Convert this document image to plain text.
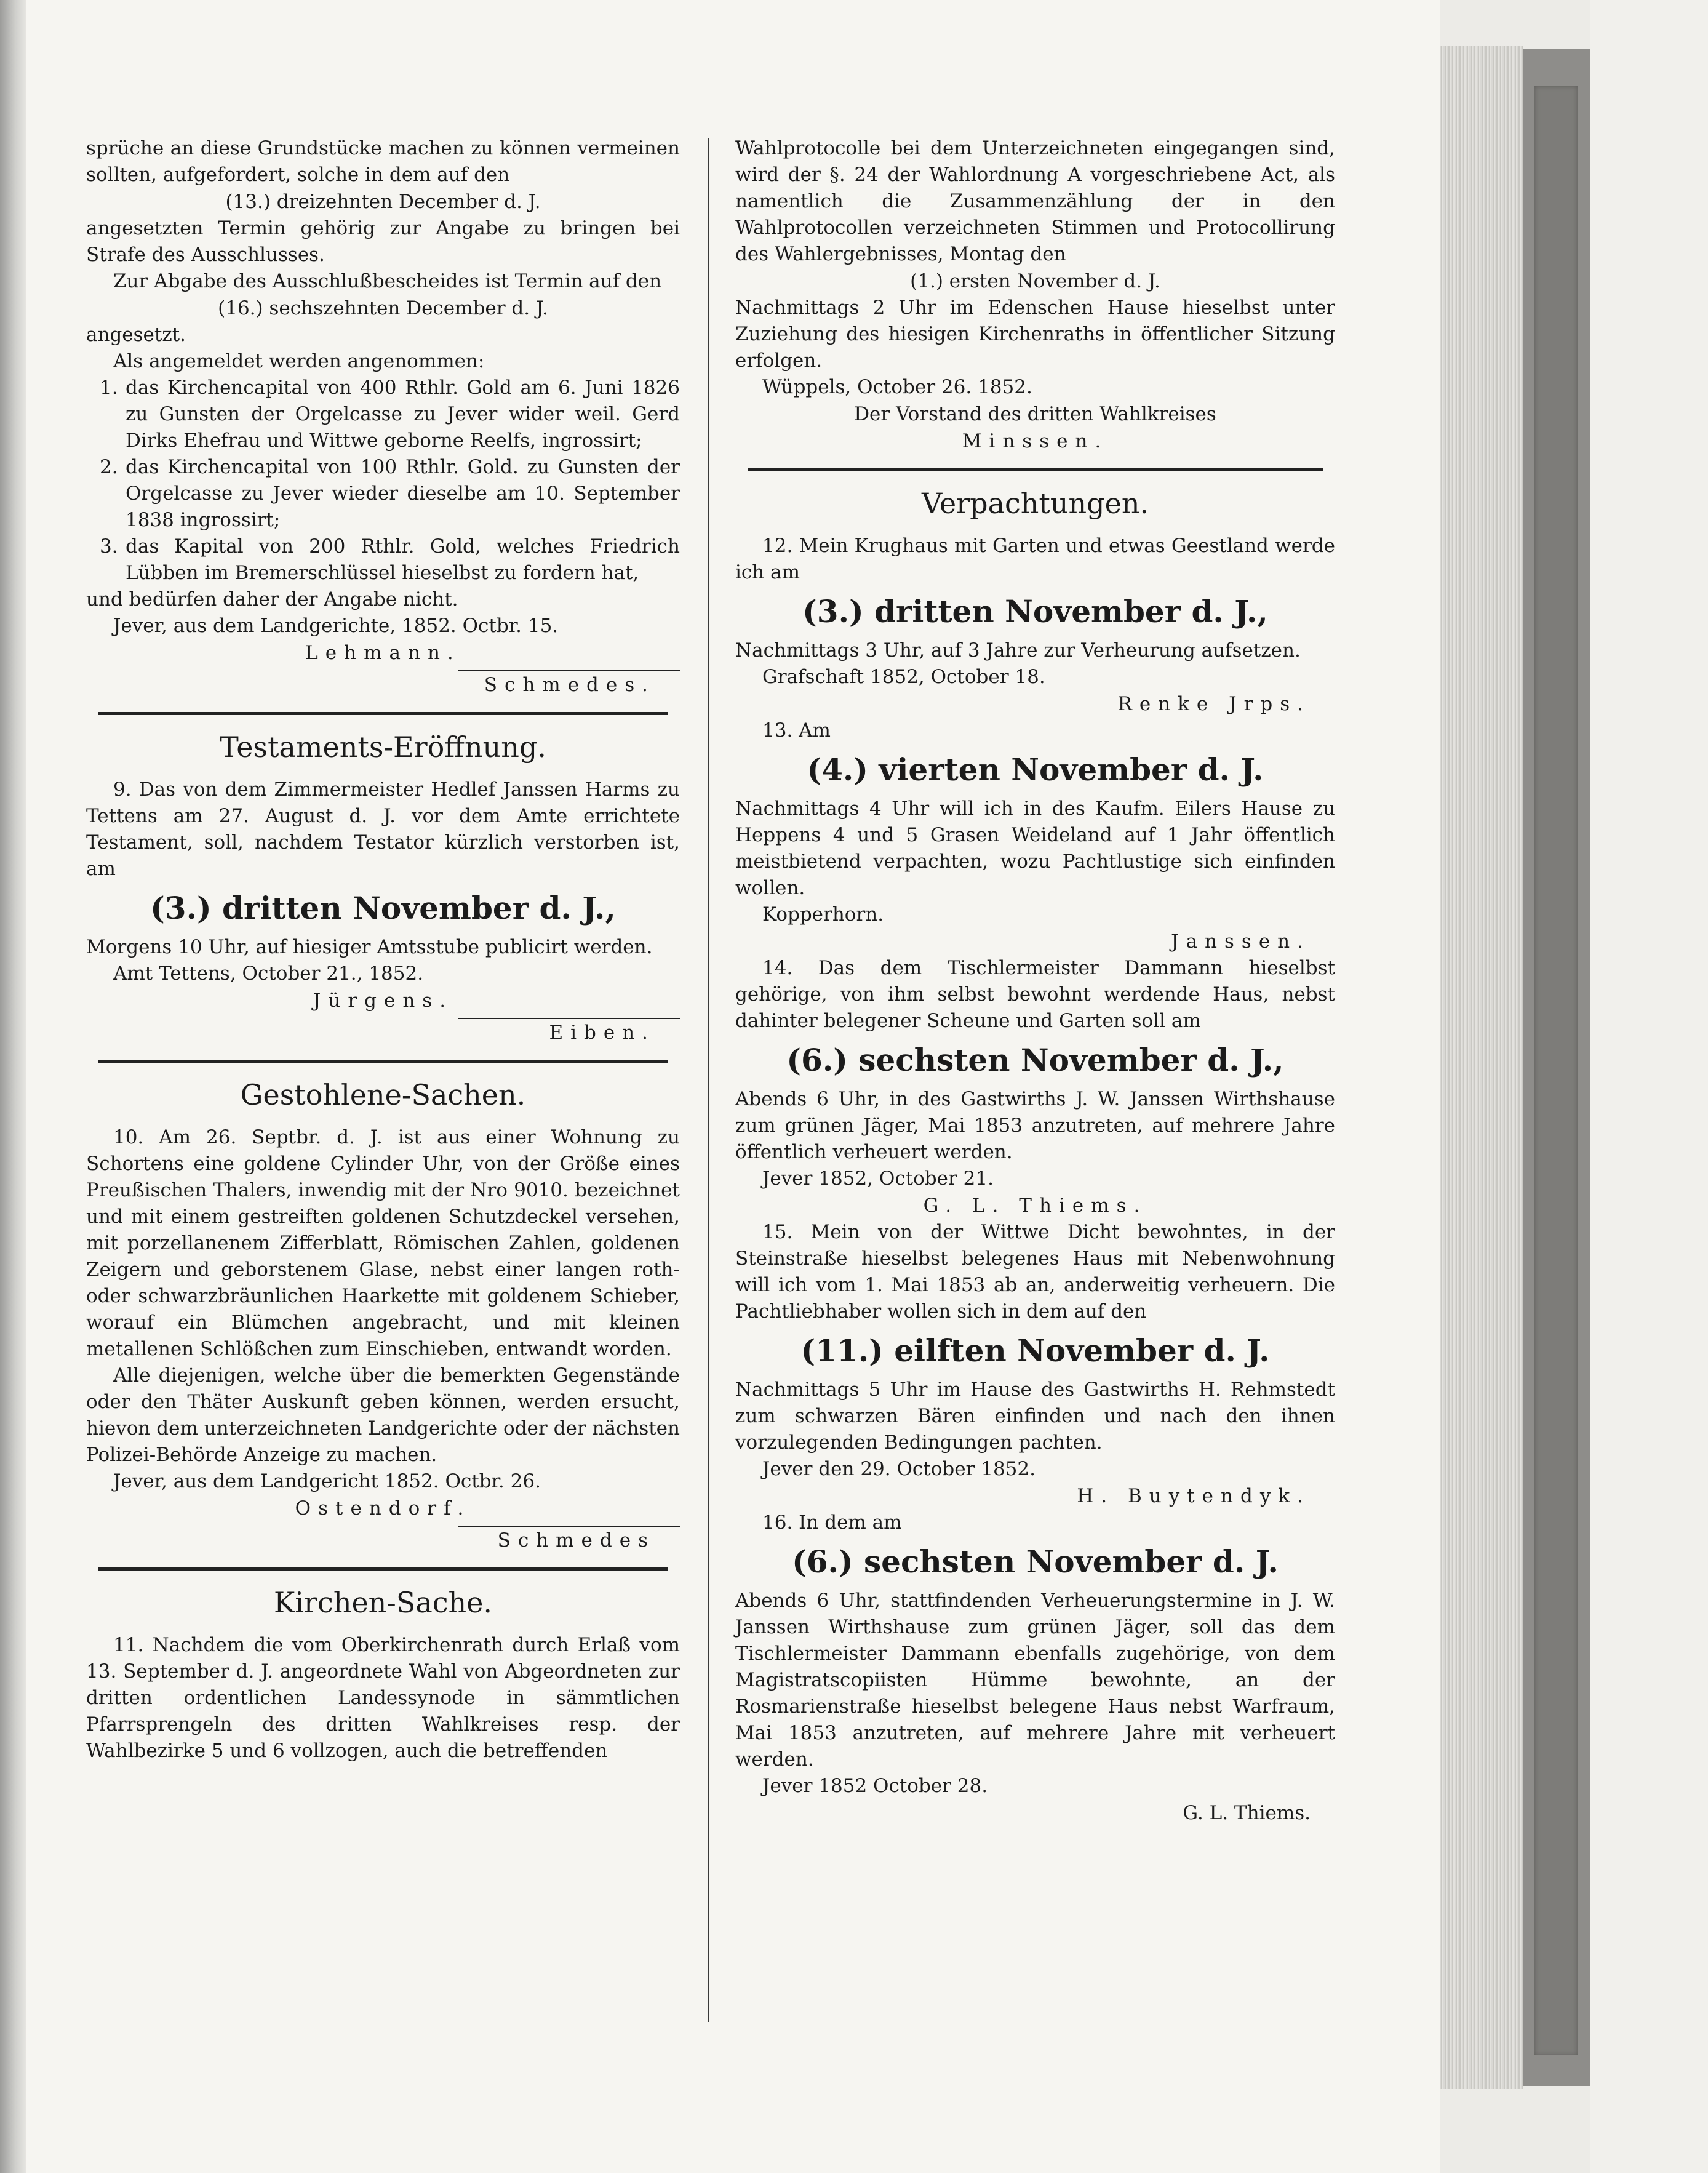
sprüche an diese Grundstücke machen zu können vermeinen sollten, aufgefordert, solche in dem auf den

(13.) dreizehnten December d. J.

angesetzten Termin gehörig zur Angabe zu bringen bei Strafe des Ausschlusses.

Zur Abgabe des Ausschlußbescheides ist Termin auf den

(16.) sechszehnten December d. J.

angesetzt.

Als angemeldet werden angenommen:

1. das Kirchencapital von 400 Rthlr. Gold am 6. Juni 1826 zu Gunsten der Orgelcasse zu Jever wider weil. Gerd Dirks Ehefrau und Wittwe geborne Reelfs, ingrossirt;
2. das Kirchencapital von 100 Rthlr. Gold. zu Gunsten der Orgelcasse zu Jever wieder dieselbe am 10. September 1838 ingrossirt;
3. das Kapital von 200 Rthlr. Gold, welches Friedrich Lübben im Bremerschlüssel hieselbst zu fordern hat,

und bedürfen daher der Angabe nicht.

Jever, aus dem Landgerichte, 1852. Octbr. 15.

Lehmann.

Schmedes.

Testaments-Eröffnung.

9. Das von dem Zimmermeister Hedlef Janssen Harms zu Tettens am 27. August d. J. vor dem Amte errichtete Testament, soll, nachdem Testator kürzlich verstorben ist, am

(3.) dritten November d. J.,

Morgens 10 Uhr, auf hiesiger Amtsstube publicirt werden.

Amt Tettens, October 21., 1852.

Jürgens.

Eiben.

Gestohlene-Sachen.

10. Am 26. Septbr. d. J. ist aus einer Wohnung zu Schortens eine goldene Cylinder Uhr, von der Größe eines Preußischen Thalers, inwendig mit der Nro 9010. bezeichnet und mit einem gestreiften goldenen Schutzdeckel versehen, mit porzellanenem Zifferblatt, Römischen Zahlen, goldenen Zeigern und geborstenem Glase, nebst einer langen roth- oder schwarzbräunlichen Haarkette mit goldenem Schieber, worauf ein Blümchen angebracht, und mit kleinen metallenen Schlößchen zum Einschieben, entwandt worden.

Alle diejenigen, welche über die bemerkten Gegenstände oder den Thäter Auskunft geben können, werden ersucht, hievon dem unterzeichneten Landgerichte oder der nächsten Polizei-Behörde Anzeige zu machen.

Jever, aus dem Landgericht 1852. Octbr. 26.

Ostendorf.

Schmedes

Kirchen-Sache.

11. Nachdem die vom Oberkirchenrath durch Erlaß vom 13. September d. J. angeordnete Wahl von Abgeordneten zur dritten ordentlichen Landessynode in sämmtlichen Pfarrsprengeln des dritten Wahlkreises resp. der Wahlbezirke 5 und 6 vollzogen, auch die betreffenden

Wahlprotocolle bei dem Unterzeichneten eingegangen sind, wird der §. 24 der Wahlordnung A vorgeschriebene Act, als namentlich die Zusammenzählung der in den Wahlprotocollen verzeichneten Stimmen und Protocollirung des Wahlergebnisses, Montag den

(1.) ersten November d. J.

Nachmittags 2 Uhr im Edenschen Hause hieselbst unter Zuziehung des hiesigen Kirchenraths in öffentlicher Sitzung erfolgen.

Wüppels, October 26. 1852.

Der Vorstand des dritten Wahlkreises

Minssen.

Verpachtungen.

12. Mein Krughaus mit Garten und etwas Geestland werde ich am

(3.) dritten November d. J.,

Nachmittags 3 Uhr, auf 3 Jahre zur Verheurung aufsetzen.

Grafschaft 1852, October 18.

Renke Jrps.

13. Am

(4.) vierten November d. J.

Nachmittags 4 Uhr will ich in des Kaufm. Eilers Hause zu Heppens 4 und 5 Grasen Weideland auf 1 Jahr öffentlich meistbietend verpachten, wozu Pachtlustige sich einfinden wollen.

Kopperhorn.

Janssen.

14. Das dem Tischlermeister Dammann hieselbst gehörige, von ihm selbst bewohnt werdende Haus, nebst dahinter belegener Scheune und Garten soll am

(6.) sechsten November d. J.,

Abends 6 Uhr, in des Gastwirths J. W. Janssen Wirthshause zum grünen Jäger, Mai 1853 anzutreten, auf mehrere Jahre öffentlich verheuert werden.

Jever 1852, October 21.

G. L. Thiems.

15. Mein von der Wittwe Dicht bewohntes, in der Steinstraße hieselbst belegenes Haus mit Nebenwohnung will ich vom 1. Mai 1853 ab an, anderweitig verheuern. Die Pachtliebhaber wollen sich in dem auf den

(11.) eilften November d. J.

Nachmittags 5 Uhr im Hause des Gastwirths H. Rehmstedt zum schwarzen Bären einfinden und nach den ihnen vorzulegenden Bedingungen pachten.

Jever den 29. October 1852.

H. Buytendyk.

16. In dem am

(6.) sechsten November d. J.

Abends 6 Uhr, stattfindenden Verheuerungstermine in J. W. Janssen Wirthshause zum grünen Jäger, soll das dem Tischlermeister Dammann ebenfalls zugehörige, von dem Magistratscopiisten Hümme bewohnte, an der Rosmarienstraße hieselbst belegene Haus nebst Warfraum, Mai 1853 anzutreten, auf mehrere Jahre mit verheuert werden.

Jever 1852 October 28.

G. L. Thiems.
